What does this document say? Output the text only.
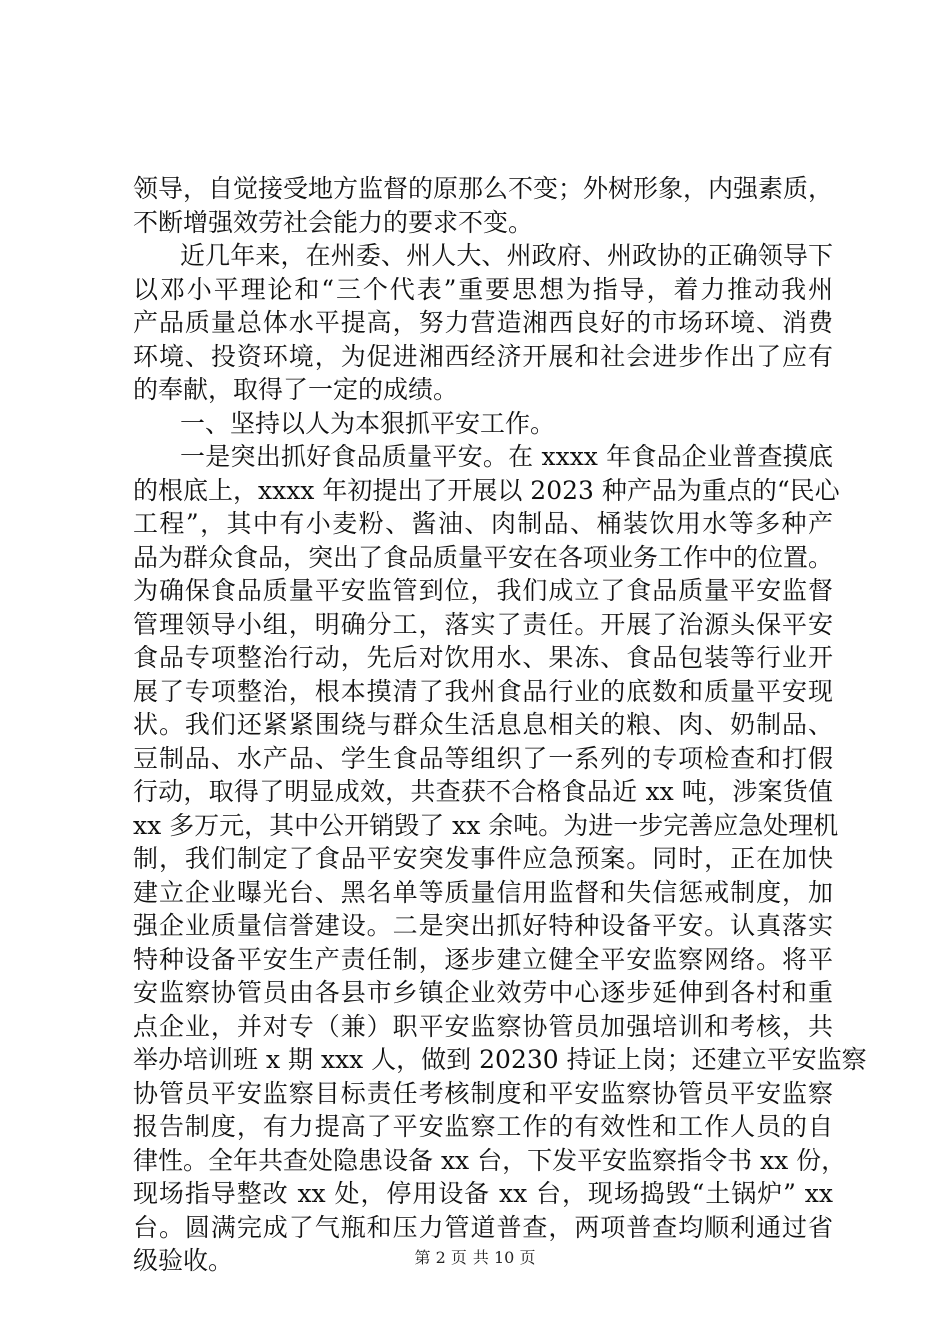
领导，自觉接受地方监督的原那么不变；外树形象，内强素质，
不断增强效劳社会能力的要求不变。
近几年来，在州委、州人大、州政府、州政协的正确领导下
以邓小平理论和“三个代表”重要思想为指导，着力推动我州
产品质量总体水平提高，努力营造湘西良好的市场环境、消费
环境、投资环境，为促进湘西经济开展和社会进步作出了应有
的奉献，取得了一定的成绩。
一、坚持以人为本狠抓平安工作。
一是突出抓好食品质量平安。在 xxxx 年食品企业普查摸底
的根底上，xxxx 年初提出了开展以 2023 种产品为重点的“民心
工程”，其中有小麦粉、酱油、肉制品、桶装饮用水等多种产
品为群众食品，突出了食品质量平安在各项业务工作中的位置。
为确保食品质量平安监管到位，我们成立了食品质量平安监督
管理领导小组，明确分工，落实了责任。开展了治源头保平安
食品专项整治行动，先后对饮用水、果冻、食品包装等行业开
展了专项整治，根本摸清了我州食品行业的底数和质量平安现
状。我们还紧紧围绕与群众生活息息相关的粮、肉、奶制品、
豆制品、水产品、学生食品等组织了一系列的专项检查和打假
行动，取得了明显成效，共查获不合格食品近 xx 吨，涉案货值
xx 多万元，其中公开销毁了 xx 余吨。为进一步完善应急处理机
制，我们制定了食品平安突发事件应急预案。同时，正在加快
建立企业曝光台、黑名单等质量信用监督和失信惩戒制度，加
强企业质量信誉建设。二是突出抓好特种设备平安。认真落实
特种设备平安生产责任制，逐步建立健全平安监察网络。将平
安监察协管员由各县市乡镇企业效劳中心逐步延伸到各村和重
点企业，并对专（兼）职平安监察协管员加强培训和考核，共
举办培训班 x 期 xxx 人，做到 20230 持证上岗；还建立平安监察
协管员平安监察目标责任考核制度和平安监察协管员平安监察
报告制度，有力提高了平安监察工作的有效性和工作人员的自
律性。全年共查处隐患设备 xx 台，下发平安监察指令书 xx 份，
现场指导整改 xx 处，停用设备 xx 台，现场捣毁“土锅炉” xx
台。圆满完成了气瓶和压力管道普查，两项普查均顺利通过省
级验收。	第 2 页 共 10 页
